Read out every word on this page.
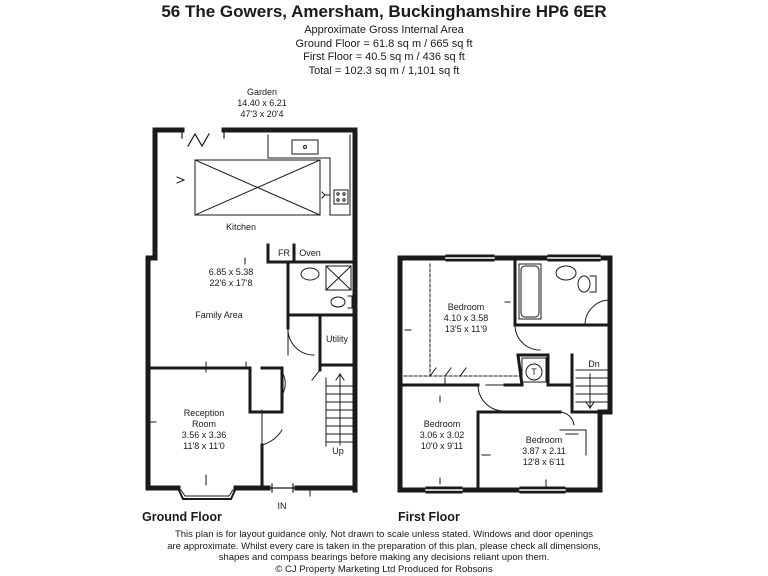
56 The Gowers, Amersham, Buckinghamshire HP6 6ER
Approximate Gross Internal Area
Ground Floor = 61.8 sq m / 665 sq ft
First Floor = 40.5 sq m / 436 sq ft
Total = 102.3 sq m / 1,101 sq ft
Garden
14.40 x 6.21
47'3 x 20'4
Kitchen
FR Oven
6.85 x 5.38
22'6 x 17'8
Family Area
Utility
Reception
Room
3.56 x 3.36
11'8 x 11'0	Up
IN
Bedroom
4.10 x 3.58
13'5 x 11'9
Bedroom
3.06 x 3.02
10'0 x 9'11
Bedroom
3.87 x 2.11
12'8 x 6'11
Dn
T
Ground Floor	First Floor
This plan is for layout guidance only. Not drawn to scale unless stated. Windows and door openings
are approximate. Whilst every care is taken in the preparation of this plan, please check all dimensions,
shapes and compass bearings before making any decisions reliant upon them.
© CJ Property Marketing Ltd Produced for Robsons
